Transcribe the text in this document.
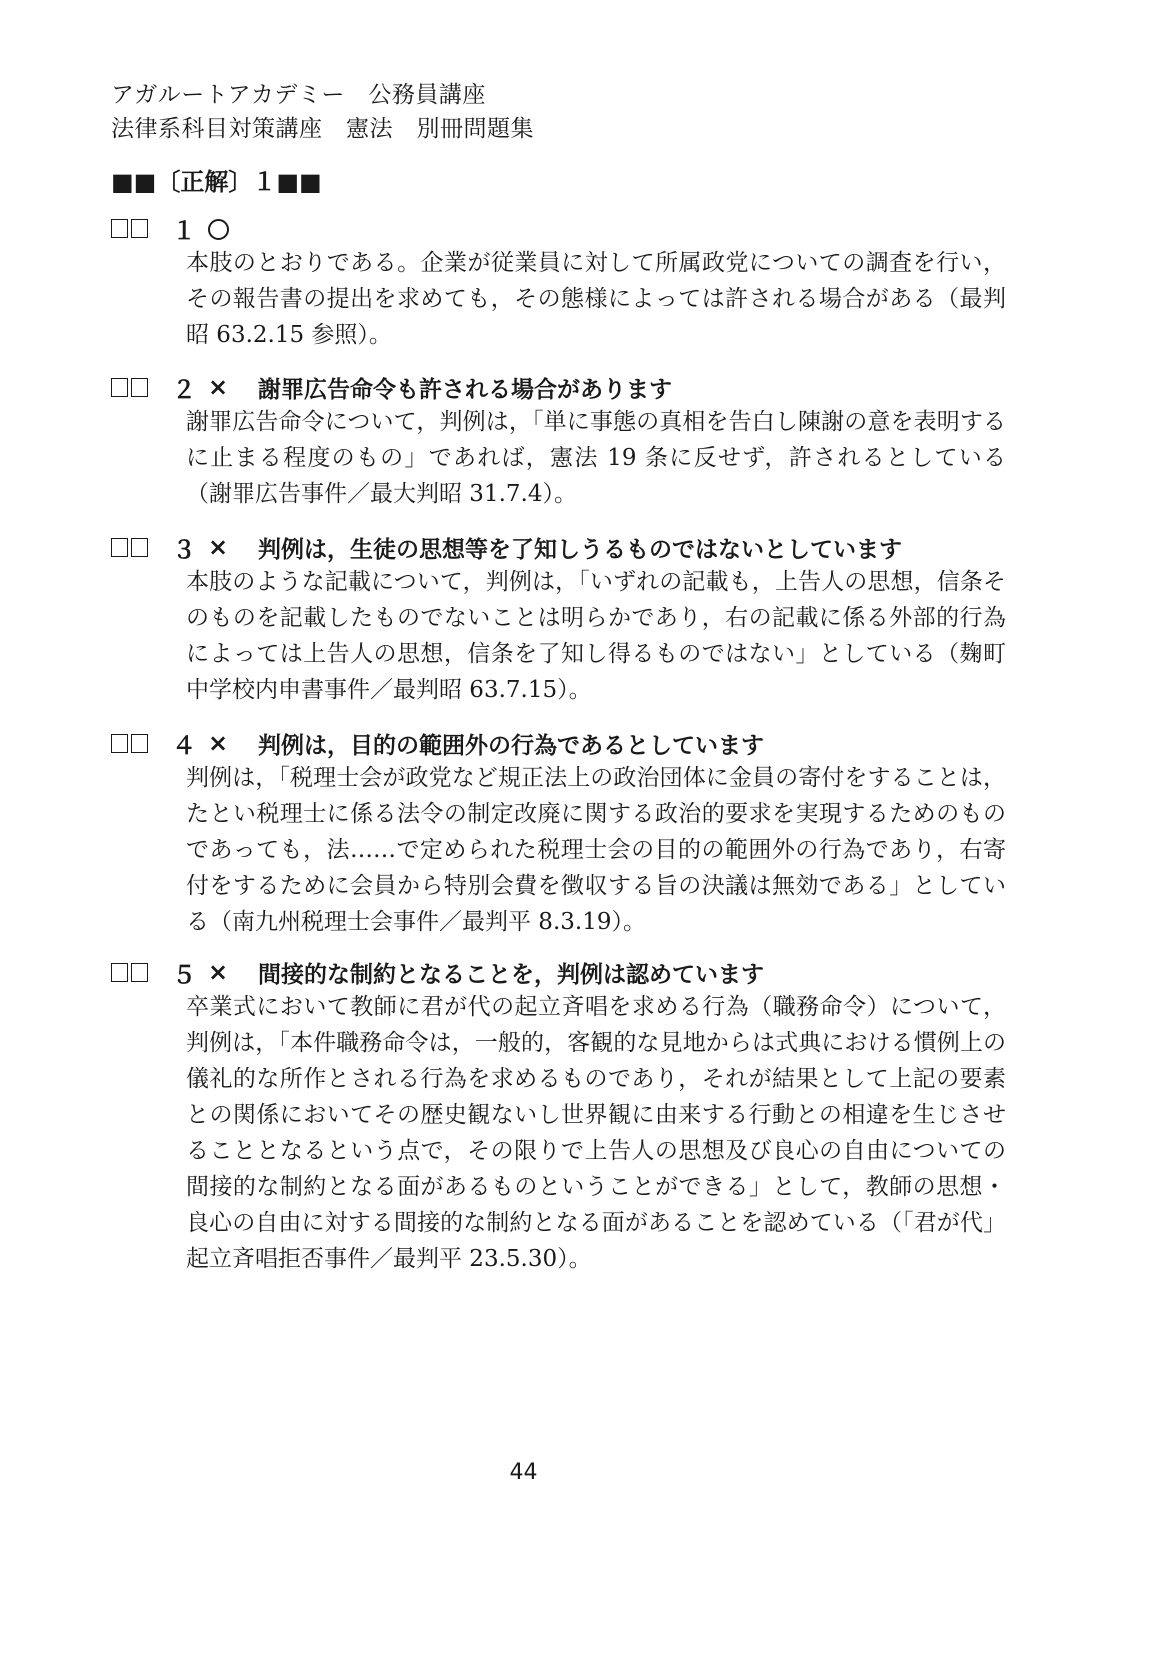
アガルートアカデミー　公務員講座
法律系科目対策講座　憲法　別冊問題集
■■〔正解〕１■■
１
本肢のとおりである。企業が従業員に対して所属政党についての調査を行い，その報告書の提出を求めても，その態様によっては許される場合がある（最判昭 63.2.15 参照）。
２ ×	謝罪広告命令も許される場合があります
謝罪広告命令について，判例は，「単に事態の真相を告白し陳謝の意を表明するに止まる程度のもの」であれば，憲法 19 条に反せず，許されるとしている（謝罪広告事件／最大判昭 31.7.4）。
３ ×	判例は，生徒の思想等を了知しうるものではないとしています
本肢のような記載について，判例は，「いずれの記載も，上告人の思想，信条そのものを記載したものでないことは明らかであり，右の記載に係る外部的行為によっては上告人の思想，信条を了知し得るものではない」としている（麹町中学校内申書事件／最判昭 63.7.15）。
４ ×	判例は，目的の範囲外の行為であるとしています
判例は，「税理士会が政党など規正法上の政治団体に金員の寄付をすることは，たとい税理士に係る法令の制定改廃に関する政治的要求を実現するためのものであっても，法……で定められた税理士会の目的の範囲外の行為であり，右寄付をするために会員から特別会費を徴収する旨の決議は無効である」としている（南九州税理士会事件／最判平 8.3.19）。
５ ×	間接的な制約となることを，判例は認めています
卒業式において教師に君が代の起立斉唱を求める行為（職務命令）について，判例は，「本件職務命令は，一般的，客観的な見地からは式典における慣例上の儀礼的な所作とされる行為を求めるものであり，それが結果として上記の要素との関係においてその歴史観ないし世界観に由来する行動との相違を生じさせることとなるという点で，その限りで上告人の思想及び良心の自由についての間接的な制約となる面があるものということができる」として，教師の思想・良心の自由に対する間接的な制約となる面があることを認めている（「君が代」起立斉唱拒否事件／最判平 23.5.30）。
44
